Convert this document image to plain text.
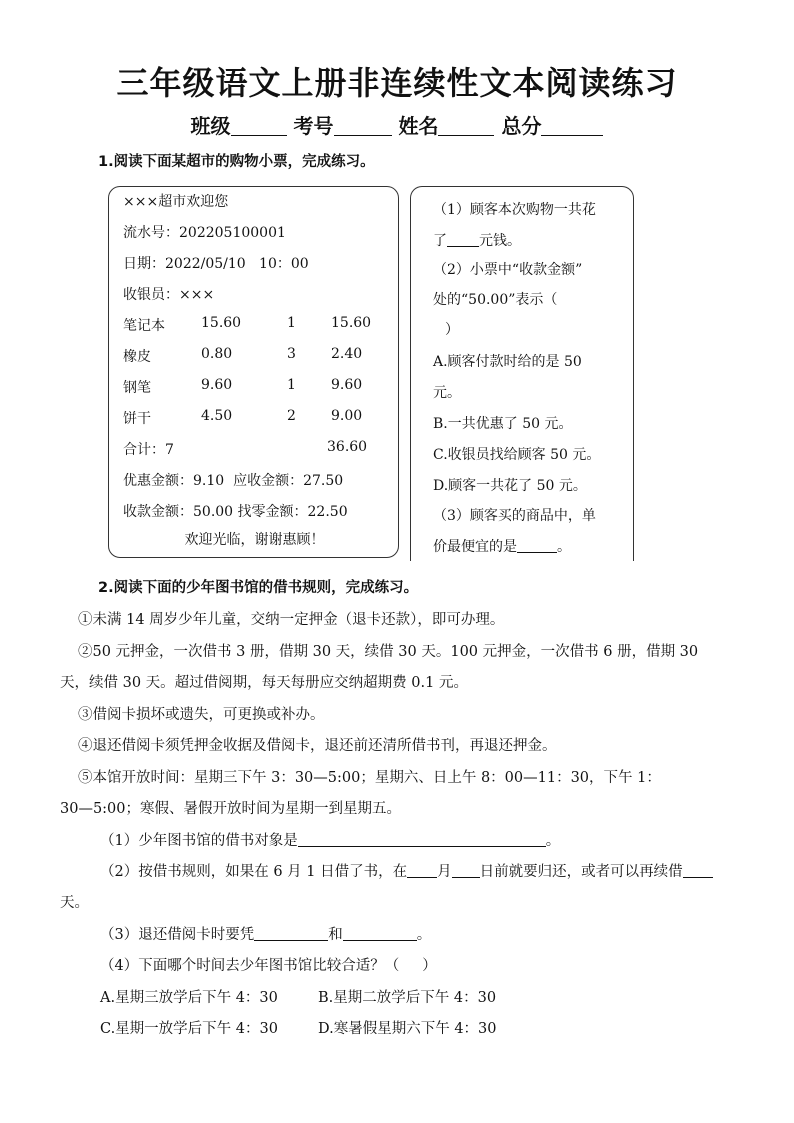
三年级语文上册非连续性文本阅读练习
班级	考号	姓名	总分
1.阅读下面某超市的购物小票，完成练习。
×××超市欢迎您
流水号：202205100001
日期：2022/05/10   10：00
收银员：×××
笔记本	15.60	1	15.60
橡皮	0.80	3	2.40
钢笔	9.60	1	9.60
饼干	4.50	2	9.00
合计：7	36.60
优惠金额：9.10  应收金额：27.50
收款金额：50.00 找零金额：22.50
欢迎光临，谢谢惠顾！
（1）顾客本次购物一共花
了 元钱。
（2）小票中“收款金额”
处的“50.00”表示（
）
A.顾客付款时给的是 50
元。
B.一共优惠了 50 元。
C.收银员找给顾客 50 元。
D.顾客一共花了 50 元。
（3）顾客买的商品中，单
价最便宜的是	。
2.阅读下面的少年图书馆的借书规则，完成练习。
①未满 14 周岁少年儿童，交纳一定押金（退卡还款），即可办理。
②50 元押金，一次借书 3 册，借期 30 天，续借 30 天。100 元押金，一次借书 6 册，借期 30
天，续借 30 天。超过借阅期，每天每册应交纳超期费 0.1 元。
③借阅卡损坏或遗失，可更换或补办。
④退还借阅卡须凭押金收据及借阅卡，退还前还清所借书刊，再退还押金。
⑤本馆开放时间：星期三下午 3：30—5:00；星期六、日上午 8：00—11：30，下午 1：
30—5:00；寒假、暑假开放时间为星期一到星期五。
（1）少年图书馆的借书对象是	。
（2）按借书规则，如果在 6 月 1 日借了书，在 月 日前就要归还，或者可以再续借
天。
（3）退还借阅卡时要凭	和	。
（4）下面哪个时间去少年图书馆比较合适？（     ）
A.星期三放学后下午 4：30	B.星期二放学后下午 4：30
C.星期一放学后下午 4：30	D.寒暑假星期六下午 4：30
